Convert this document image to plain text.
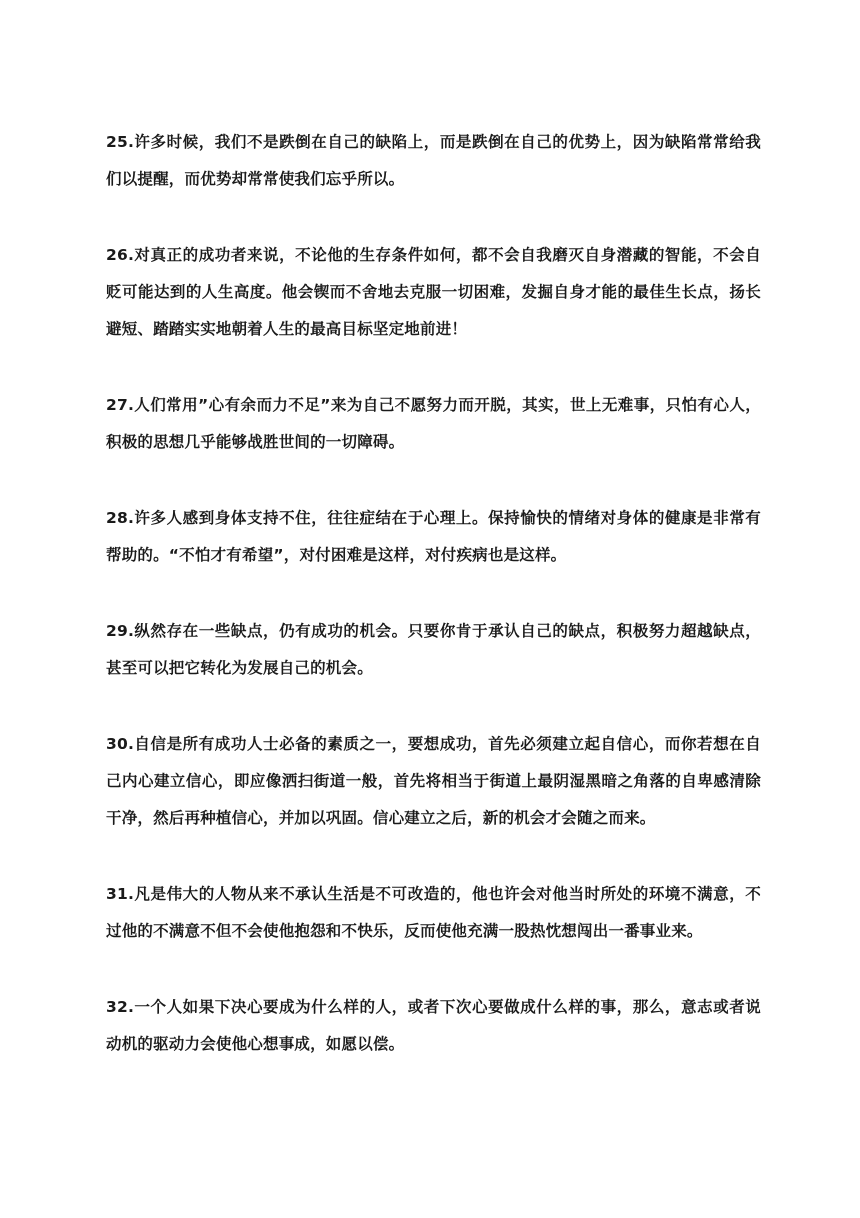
25.许多时候，我们不是跌倒在自己的缺陷上，而是跌倒在自己的优势上，因为缺陷常常给我们以提醒，而优势却常常使我们忘乎所以。

26.对真正的成功者来说，不论他的生存条件如何，都不会自我磨灭自身潜藏的智能，不会自贬可能达到的人生高度。他会锲而不舍地去克服一切困难，发掘自身才能的最佳生长点，扬长避短、踏踏实实地朝着人生的最高目标坚定地前进！

27.人们常用”心有余而力不足”来为自己不愿努力而开脱，其实，世上无难事，只怕有心人，积极的思想几乎能够战胜世间的一切障碍。

28.许多人感到身体支持不住，往往症结在于心理上。保持愉快的情绪对身体的健康是非常有帮助的。“不怕才有希望”，对付困难是这样，对付疾病也是这样。

29.纵然存在一些缺点，仍有成功的机会。只要你肯于承认自己的缺点，积极努力超越缺点，甚至可以把它转化为发展自己的机会。

30.自信是所有成功人士必备的素质之一，要想成功，首先必须建立起自信心，而你若想在自己内心建立信心，即应像洒扫街道一般，首先将相当于街道上最阴湿黑暗之角落的自卑感清除干净，然后再种植信心，并加以巩固。信心建立之后，新的机会才会随之而来。

31.凡是伟大的人物从来不承认生活是不可改造的，他也许会对他当时所处的环境不满意，不过他的不满意不但不会使他抱怨和不快乐，反而使他充满一股热忱想闯出一番事业来。

32.一个人如果下决心要成为什么样的人，或者下次心要做成什么样的事，那么，意志或者说动机的驱动力会使他心想事成，如愿以偿。
